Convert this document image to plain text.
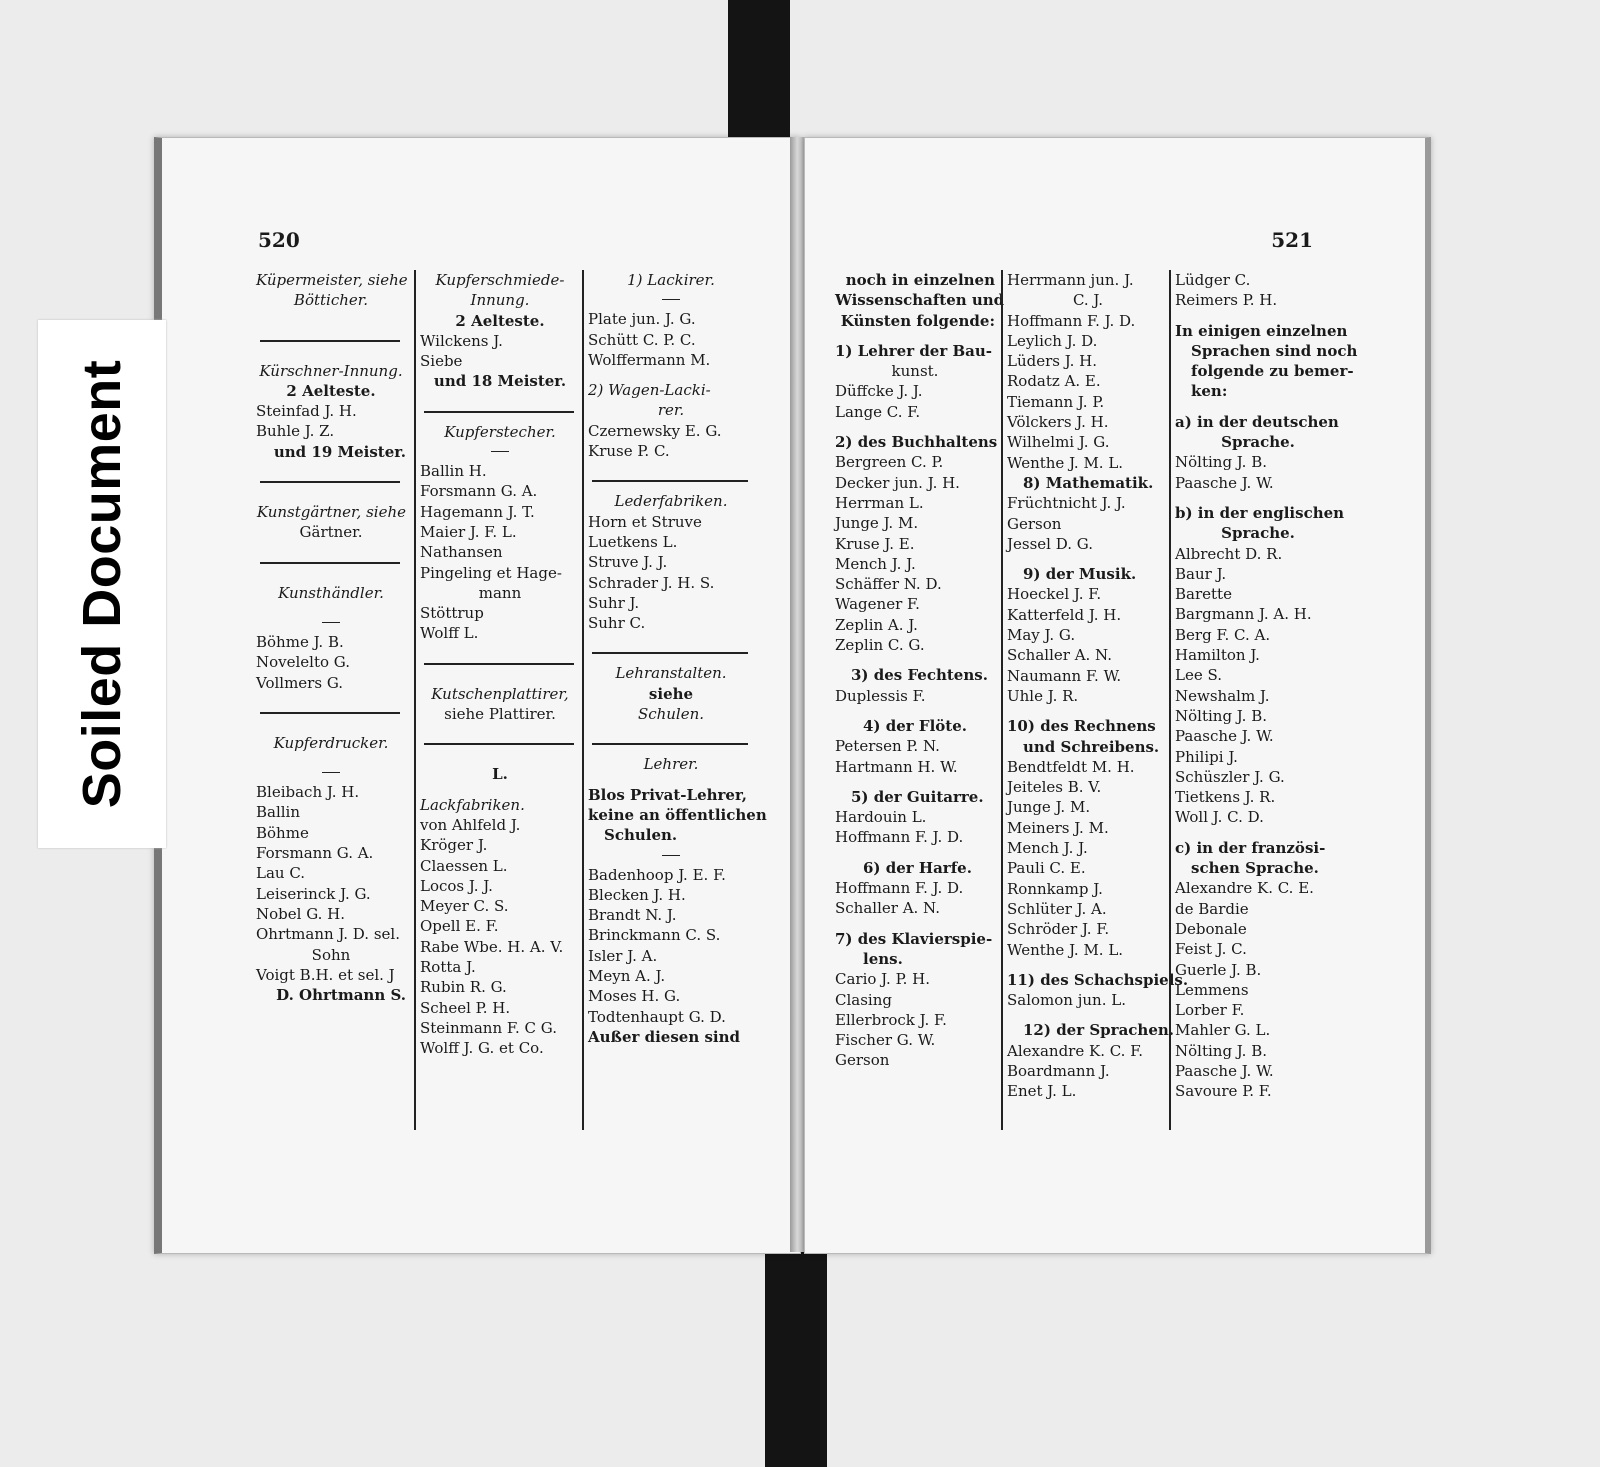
520
Küpermeister, siehe
Bötticher.
Kürschner-Innung.
2 Aelteste.
Steinfad J. H.
Buhle J. Z.
und 19 Meister.
Kunstgärtner, siehe
Gärtner.
Kunsthändler.
Böhme J. B.
Novelelto G.
Vollmers G.
Kupferdrucker.
Bleibach J. H.
Ballin
Böhme
Forsmann G. A.
Lau C.
Leiserinck J. G.
Nobel G. H.
Ohrtmann J. D. sel.
Sohn
Voigt B.H. et sel. J
D. Ohrtmann S.
Kupferschmiede-
Innung.
2 Aelteste.
Wilckens J.
Siebe
und 18 Meister.
Kupferstecher.
Ballin H.
Forsmann G. A.
Hagemann J. T.
Maier J. F. L.
Nathansen
Pingeling et Hage-
mann
Stöttrup
Wolff L.
Kutschenplattirer,
siehe Plattirer.
L.
Lackfabriken.
von Ahlfeld J.
Kröger J.
Claessen L.
Locos J. J.
Meyer C. S.
Opell E. F.
Rabe Wbe. H. A. V.
Rotta J.
Rubin R. G.
Scheel P. H.
Steinmann F. C G.
Wolff J. G. et Co.
1) Lackirer.
Plate jun. J. G.
Schütt C. P. C.
Wolffermann M.
2) Wagen-Lacki-
rer.
Czernewsky E. G.
Kruse P. C.
Lederfabriken.
Horn et Struve
Luetkens L.
Struve J. J.
Schrader J. H. S.
Suhr J.
Suhr C.
Lehranstalten.
siehe
Schulen.
Lehrer.
Blos Privat-Lehrer,
keine an öffentlichen
Schulen.
Badenhoop J. E. F.
Blecken J. H.
Brandt N. J.
Brinckmann C. S.
Isler J. A.
Meyn A. J.
Moses H. G.
Todtenhaupt G. D.
Außer diesen sind
521
noch in einzelnen
Wissenschaften und
Künsten folgende:
1) Lehrer der Bau-
kunst.
Düffcke J. J.
Lange C. F.
2) des Buchhaltens
Bergreen C. P.
Decker jun. J. H.
Herrman L.
Junge J. M.
Kruse J. E.
Mench J. J.
Schäffer N. D.
Wagener F.
Zeplin A. J.
Zeplin C. G.
3) des Fechtens.
Duplessis F.
4) der Flöte.
Petersen P. N.
Hartmann H. W.
5) der Guitarre.
Hardouin L.
Hoffmann F. J. D.
6) der Harfe.
Hoffmann F. J. D.
Schaller A. N.
7) des Klavierspie-
lens.
Cario J. P. H.
Clasing
Ellerbrock J. F.
Fischer G. W.
Gerson
Herrmann jun. J.
C. J.
Hoffmann F. J. D.
Leylich J. D.
Lüders J. H.
Rodatz A. E.
Tiemann J. P.
Völckers J. H.
Wilhelmi J. G.
Wenthe J. M. L.
8) Mathematik.
Früchtnicht J. J.
Gerson
Jessel D. G.
9) der Musik.
Hoeckel J. F.
Katterfeld J. H.
May J. G.
Schaller A. N.
Naumann F. W.
Uhle J. R.
10) des Rechnens
und Schreibens.
Bendtfeldt M. H.
Jeiteles B. V.
Junge J. M.
Meiners J. M.
Mench J. J.
Pauli C. E.
Ronnkamp J.
Schlüter J. A.
Schröder J. F.
Wenthe J. M. L.
11) des Schachspiels.
Salomon jun. L.
12) der Sprachen.
Alexandre K. C. F.
Boardmann J.
Enet J. L.
Lüdger C.
Reimers P. H.
In einigen einzelnen
Sprachen sind noch
folgende zu bemer-
ken:
a) in der deutschen
Sprache.
Nölting J. B.
Paasche J. W.
b) in der englischen
Sprache.
Albrecht D. R.
Baur J.
Barette
Bargmann J. A. H.
Berg F. C. A.
Hamilton J.
Lee S.
Newshalm J.
Nölting J. B.
Paasche J. W.
Philipi J.
Schüszler J. G.
Tietkens J. R.
Woll J. C. D.
c) in der französi-
schen Sprache.
Alexandre K. C. E.
de Bardie
Debonale
Feist J. C.
Guerle J. B.
Lemmens
Lorber F.
Mahler G. L.
Nölting J. B.
Paasche J. W.
Savoure P. F.
Soiled Document
